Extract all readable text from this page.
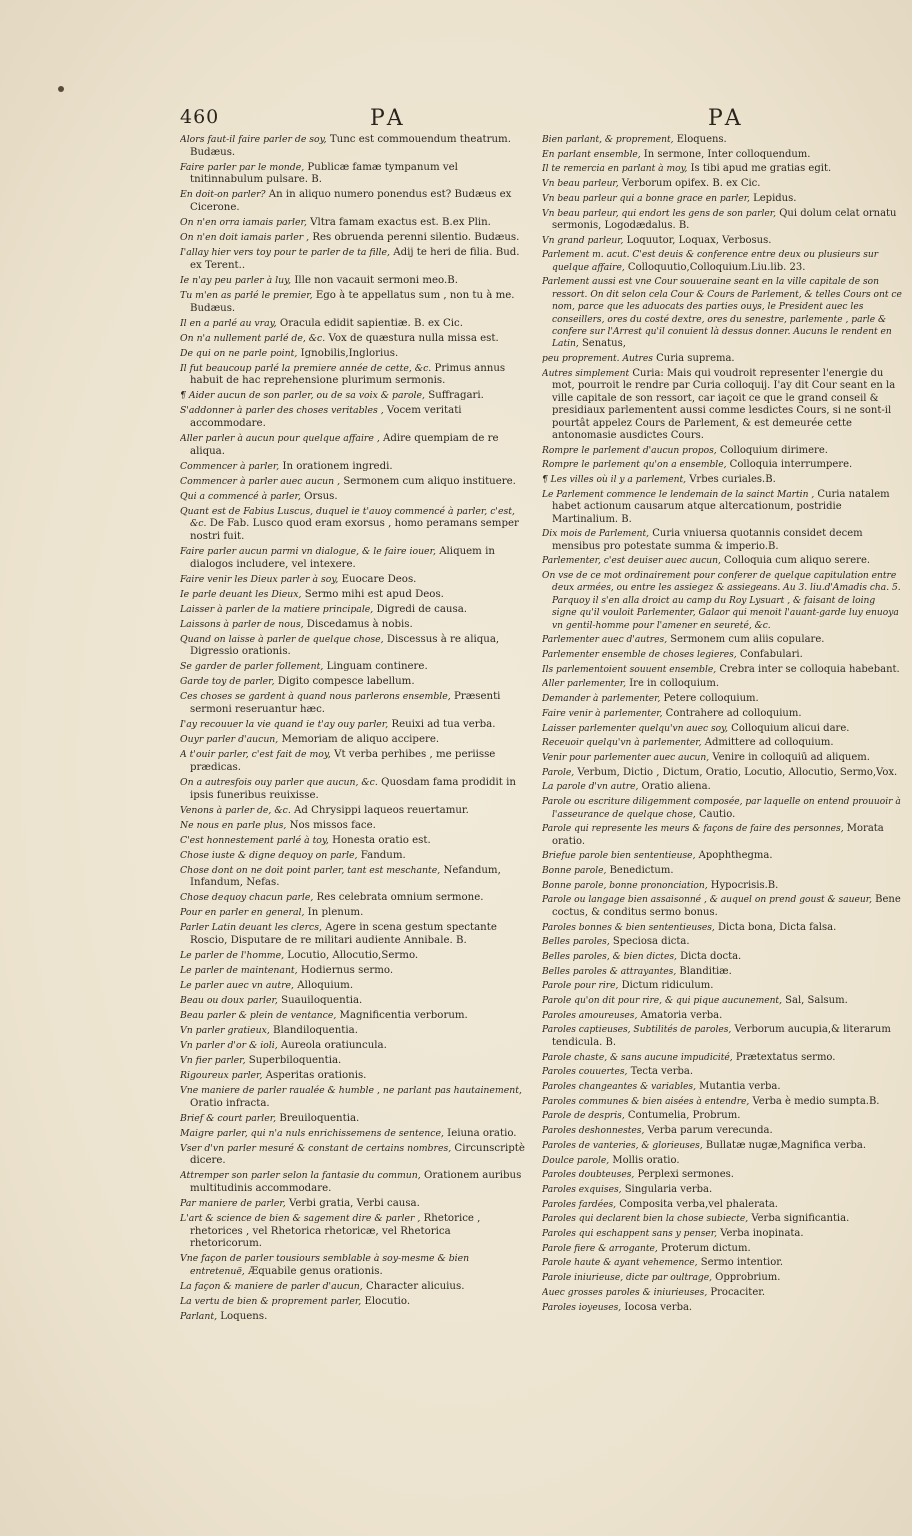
460	PA	PA

Alors faut-il faire parler de soy, Tunc est commouendum theatrum. Budæus.

Faire parler par le monde, Publicæ famæ tympanum vel tnitinnabulum pulsare. B.

En doit-on parler? An in aliquo numero ponendus est? Budæus ex Cicerone.

On n'en orra iamais parler, Vltra famam exactus est. B.ex Plin.

On n'en doit iamais parler , Res obruenda perenni silentio. Budæus.

I'allay hier vers toy pour te parler de ta fille, Adij te heri de filia. Bud. ex Terent..

Ie n'ay peu parler à luy, Ille non vacauit sermoni meo.B.

Tu m'en as parlé le premier, Ego à te appellatus sum , non tu à me. Budæus.

Il en a parlé au vray, Oracula edidit sapientiæ. B. ex Cic.

On n'a nullement parlé de, &c. Vox de quæstura nulla missa est.

De qui on ne parle point, Ignobilis,Inglorius.

Il fut beaucoup parlé la premiere année de cette, &c. Primus annus habuit de hac reprehensione plurimum sermonis.

¶ Aider aucun de son parler, ou de sa voix & parole, Suffragari.

S'addonner à parler des choses veritables , Vocem veritati accommodare.

Aller parler à aucun pour quelque affaire , Adire quempiam de re aliqua.

Commencer à parler, In orationem ingredi.

Commencer à parler auec aucun , Sermonem cum aliquo instituere.

Qui a commencé à parler, Orsus.

Quant est de Fabius Luscus, duquel ie t'auoy commencé à parler, c'est, &c. De Fab. Lusco quod eram exorsus , homo peramans semper nostri fuit.

Faire parler aucun parmi vn dialogue, & le faire iouer, Aliquem in dialogos includere, vel intexere.

Faire venir les Dieux parler à soy, Euocare Deos.

Ie parle deuant les Dieux, Sermo mihi est apud Deos.

Laisser à parler de la matiere principale, Digredi de causa.

Laissons à parler de nous, Discedamus à nobis.

Quand on laisse à parler de quelque chose, Discessus à re aliqua, Digressio orationis.

Se garder de parler follement, Linguam continere.

Garde toy de parler, Digito compesce labellum.

Ces choses se gardent à quand nous parlerons ensemble, Præsenti sermoni reseruantur hæc.

I'ay recouuer la vie quand ie t'ay ouy parler, Reuixi ad tua verba.

Ouyr parler d'aucun, Memoriam de aliquo accipere.

A t'ouir parler, c'est fait de moy, Vt verba perhibes , me periisse prædicas.

On a autresfois ouy parler que aucun, &c. Quosdam fama prodidit in ipsis funeribus reuixisse.

Venons à parler de, &c. Ad Chrysippi laqueos reuertamur.

Ne nous en parle plus, Nos missos face.

C'est honnestement parlé à toy, Honesta oratio est.

Chose iuste & digne dequoy on parle, Fandum.

Chose dont on ne doit point parler, tant est meschante, Nefandum, Infandum, Nefas.

Chose dequoy chacun parle, Res celebrata omnium sermone.

Pour en parler en general, In plenum.

Parler Latin deuant les clercs, Agere in scena gestum spectante Roscio, Disputare de re militari audiente Annibale. B.

Le parler de l'homme, Locutio, Allocutio,Sermo.

Le parler de maintenant, Hodiernus sermo.

Le parler auec vn autre, Alloquium.

Beau ou doux parler, Suauiloquentia.

Beau parler & plein de ventance, Magnificentia verborum.

Vn parler gratieux, Blandiloquentia.

Vn parler d'or & ioli, Aureola oratiuncula.

Vn fier parler, Superbiloquentia.

Rigoureux parler, Asperitas orationis.

Vne maniere de parler raualée & humble , ne parlant pas hautainement, Oratio infracta.

Brief & court parler, Breuiloquentia.

Maigre parler, qui n'a nuls enrichissemens de sentence, Ieiuna oratio.

Vser d'vn parler mesuré & constant de certains nombres, Circunscriptè dicere.

Attremper son parler selon la fantasie du commun, Orationem auribus multitudinis accommodare.

Par maniere de parler, Verbi gratia, Verbi causa.

L'art & science de bien & sagement dire & parler , Rhetorice , rhetorices , vel Rhetorica rhetoricæ, vel Rhetorica rhetoricorum.

Vne façon de parler tousiours semblable à soy-mesme & bien entretenuë, Æquabile genus orationis.

La façon & maniere de parler d'aucun, Character alicuius.

La vertu de bien & proprement parler, Elocutio.

Parlant, Loquens.

Bien parlant, & proprement, Eloquens.

En parlant ensemble, In sermone, Inter colloquendum.

Il te remercia en parlant à moy, Is tibi apud me gratias egit.

Vn beau parleur, Verborum opifex. B. ex Cic.

Vn beau parleur qui a bonne grace en parler, Lepidus.

Vn beau parleur, qui endort les gens de son parler, Qui dolum celat ornatu sermonis, Logodædalus. B.

Vn grand parleur, Loquutor, Loquax, Verbosus.

Parlement m. acut. C'est deuis & conference entre deux ou plusieurs sur quelque affaire, Colloquutio,Colloquium.Liu.lib. 23.

Parlement aussi est vne Cour souueraine seant en la ville capitale de son ressort. On dit selon cela Cour & Cours de Parlement, & telles Cours ont ce nom, parce que les aduocats des parties ouys, le President auec les conseillers, ores du costé dextre, ores du senestre, parlemente , parle & confere sur l'Arrest qu'il conuient là dessus donner. Aucuns le rendent en Latin, Senatus,

peu proprement. Autres Curia suprema.

Autres simplement Curia: Mais qui voudroit representer l'energie du mot, pourroit le rendre par Curia colloquij. I'ay dit Cour seant en la ville capitale de son ressort, car iaçoit ce que le grand conseil & presidiaux parlementent aussi comme lesdictes Cours, si ne sont-il pourtât appelez Cours de Parlement, & est demeurée cette antonomasie ausdictes Cours.

Rompre le parlement d'aucun propos, Colloquium dirimere.

Rompre le parlement qu'on a ensemble, Colloquia interrumpere.

¶ Les villes où il y a parlement, Vrbes curiales.B.

Le Parlement commence le lendemain de la sainct Martin , Curia natalem habet actionum causarum atque altercationum, postridie Martinalium. B.

Dix mois de Parlement, Curia vniuersa quotannis considet decem mensibus pro potestate summa & imperio.B.

Parlementer, c'est deuiser auec aucun, Colloquia cum aliquo serere.

On vse de ce mot ordinairement pour conferer de quelque capitulation entre deux armées, ou entre les assiegez & assiegeans. Au 3. liu.d'Amadis cha. 5. Parquoy il s'en alla droict au camp du Roy Lysuart , & faisant de loing signe qu'il vouloit Parlementer, Galaor qui menoit l'auant-garde luy enuoya vn gentil-homme pour l'amener en seureté, &c.

Parlementer auec d'autres, Sermonem cum aliis copulare.

Parlementer ensemble de choses legieres, Confabulari.

Ils parlementoient souuent ensemble, Crebra inter se colloquia habebant.

Aller parlementer, Ire in colloquium.

Demander à parlementer, Petere colloquium.

Faire venir à parlementer, Contrahere ad colloquium.

Laisser parlementer quelqu'vn auec soy, Colloquium alicui dare.

Receuoir quelqu'vn à parlementer, Admittere ad colloquium.

Venir pour parlementer auec aucun, Venire in colloquiū ad aliquem.

Parole, Verbum, Dictio , Dictum, Oratio, Locutio, Allocutio, Sermo,Vox.

La parole d'vn autre, Oratio aliena.

Parole ou escriture diligemment composée, par laquelle on entend prouuoir à l'asseurance de quelque chose, Cautio.

Parole qui represente les meurs & façons de faire des personnes, Morata oratio.

Briefue parole bien sententieuse, Apophthegma.

Bonne parole, Benedictum.

Bonne parole, bonne prononciation, Hypocrisis.B.

Parole ou langage bien assaisonné , & auquel on prend goust & saueur, Bene coctus, & conditus sermo bonus.

Paroles bonnes & bien sententieuses, Dicta bona, Dicta falsa.

Belles paroles, Speciosa dicta.

Belles paroles, & bien dictes, Dicta docta.

Belles paroles & attrayantes, Blanditiæ.

Parole pour rire, Dictum ridiculum.

Parole qu'on dit pour rire, & qui pique aucunement, Sal, Salsum.

Paroles amoureuses, Amatoria verba.

Paroles captieuses, Subtilités de paroles, Verborum aucupia,& literarum tendicula. B.

Parole chaste, & sans aucune impudicité, Prætextatus sermo.

Paroles couuertes, Tecta verba.

Paroles changeantes & variables, Mutantia verba.

Paroles communes & bien aisées à entendre, Verba è medio sumpta.B.

Parole de despris, Contumelia, Probrum.

Paroles deshonnestes, Verba parum verecunda.

Paroles de vanteries, & glorieuses, Bullatæ nugæ,Magnifica verba.

Doulce parole, Mollis oratio.

Paroles doubteuses, Perplexi sermones.

Paroles exquises, Singularia verba.

Paroles fardées, Composita verba,vel phalerata.

Paroles qui declarent bien la chose subiecte, Verba significantia.

Paroles qui eschappent sans y penser, Verba inopinata.

Parole fiere & arrogante, Proterum dictum.

Parole haute & ayant vehemence, Sermo intentior.

Parole iniurieuse, dicte par oultrage, Opprobrium.

Auec grosses paroles & iniurieuses, Procaciter.

Paroles ioyeuses, Iocosa verba.
